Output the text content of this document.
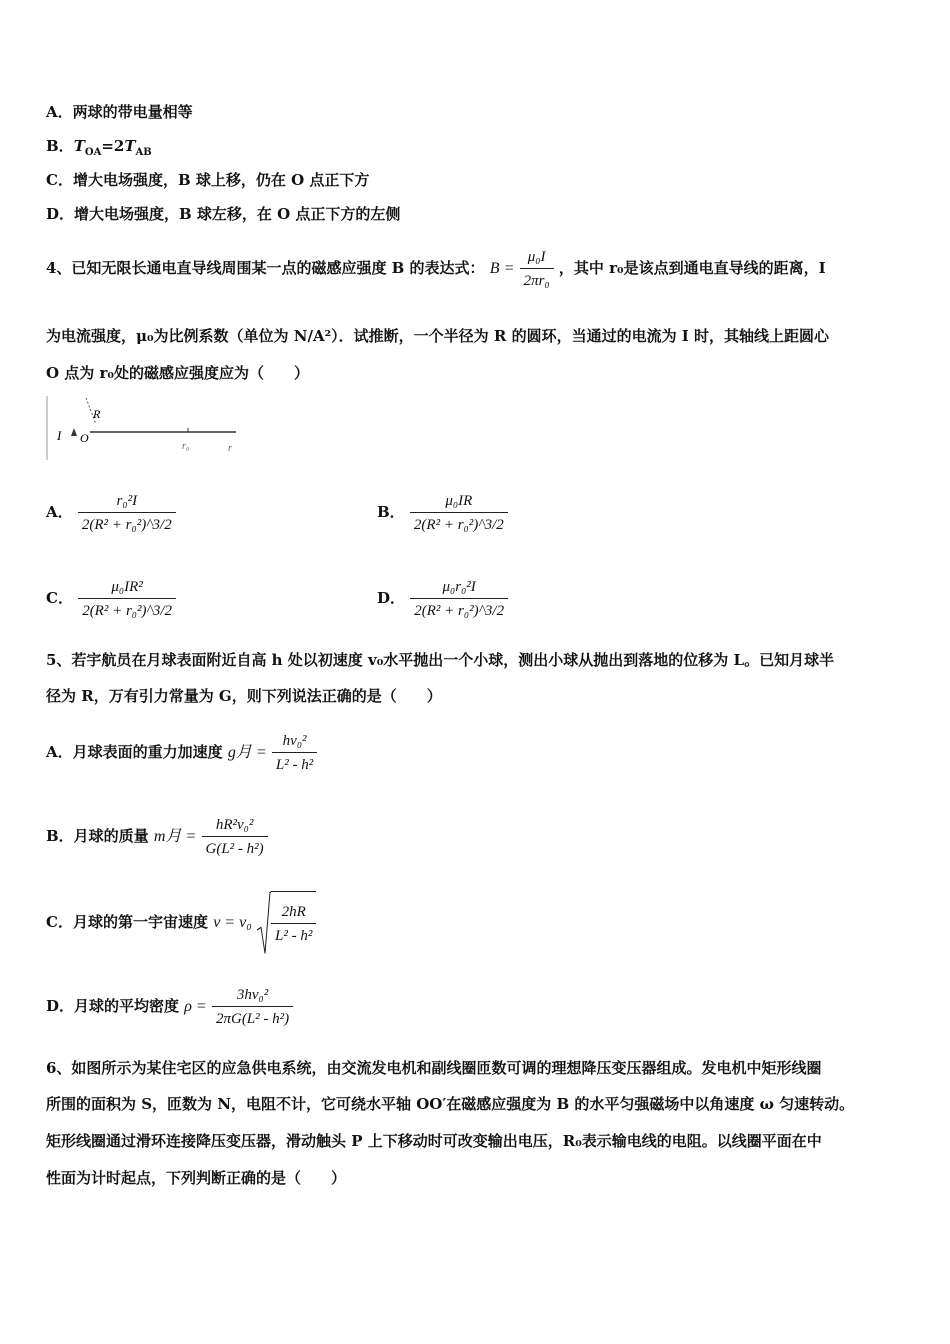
A．两球的带电量相等
B．$T_{OA}=2T_{AB}$
C．增大电场强度，B 球上移，仍在 O 点正下方
D．增大电场强度，B 球左移，在 O 点正下方的左侧
4、已知无限长通电直导线周围某一点的磁感应强度 B 的表达式： $B = \frac{\text{μ₀I}}{\text{2πr₀}}$ ，其中 r₀是该点到通电直导线的距离，I
为电流强度，μ₀为比例系数（单位为 N/A²）．试推断，一个半径为 R 的圆环，当通过的电流为 I 时，其轴线上距圆心
O 点为 r₀处的磁感应强度应为（　　）
I O
R
r₀	r
A． $\frac{\text{r₀²I}}{\text{2(R² + r₀²)\textasciicircum{}3/2}}$	B． $\frac{\text{μ₀IR}}{\text{2(R² + r₀²)\textasciicircum{}3/2}}$
C． $\frac{\text{μ₀IR²}}{\text{2(R² + r₀²)\textasciicircum{}3/2}}$	D． $\frac{\text{μ₀r₀²I}}{\text{2(R² + r₀²)\textasciicircum{}3/2}}$
5、若宇航员在月球表面附近自高 h 处以初速度 v₀水平抛出一个小球，测出小球从抛出到落地的位移为 L。已知月球半
径为 R，万有引力常量为 G，则下列说法正确的是（　　）
A．月球表面的重力加速度 g月 = $\frac{\text{hv₀²}}{\text{L² - h²}}$
B．月球的质量 m月 = $\frac{\text{hR²v₀²}}{\text{G(L² - h²)}}$
C．月球的第一宇宙速度 $v = v_0 \frac{2hR}{\text{L² - h²}}$
D．月球的平均密度 $\rho = \frac{\text{3hv₀²}}{\text{2πG(L² - h²)}}$
6、如图所示为某住宅区的应急供电系统，由交流发电机和副线圈匝数可调的理想降压变压器组成。发电机中矩形线圈
所围的面积为 S，匝数为 N，电阻不计，它可绕水平轴 OO′在磁感应强度为 B 的水平匀强磁场中以角速度 ω 匀速转动。
矩形线圈通过滑环连接降压变压器，滑动触头 P 上下移动时可改变输出电压，R₀表示输电线的电阻。以线圈平面在中
性面为计时起点，下列判断正确的是（　　）
